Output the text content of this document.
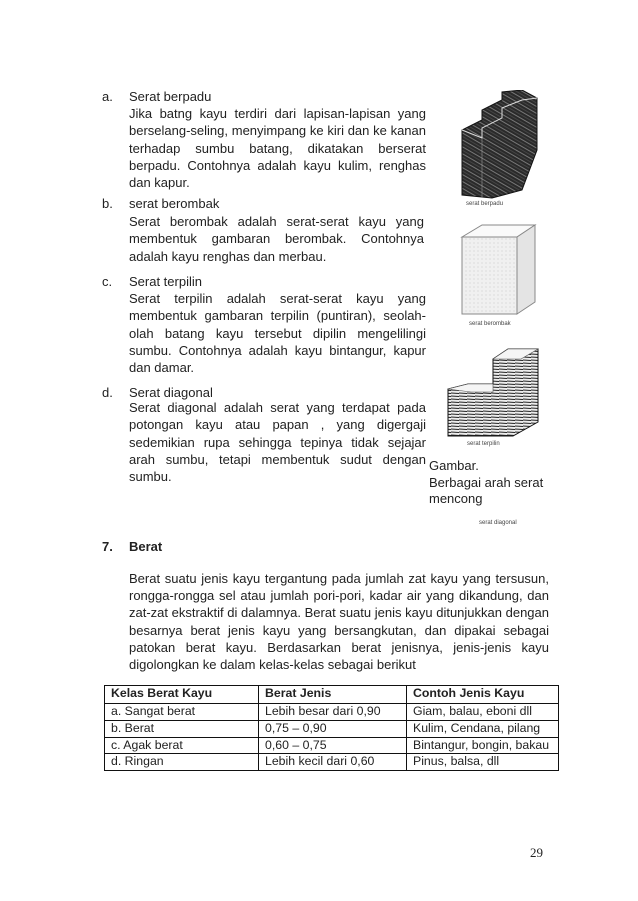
a. Serat berpadu
Jika batng kayu terdiri dari lapisan-lapisan yang berselang-seling, menyimpang ke kiri dan ke kanan terhadap sumbu batang, dikatakan berserat berpadu. Contohnya adalah kayu kulim, renghas dan kapur.
b. serat berombak
Serat berombak adalah serat-serat kayu yang membentuk gambaran berombak. Contohnya adalah kayu renghas dan merbau.
c. Serat terpilin
Serat terpilin adalah serat-serat kayu yang membentuk gambaran terpilin (puntiran), seolah-olah batang kayu tersebut dipilin mengelilingi sumbu. Contohnya adalah kayu bintangur, kapur dan damar.
d. Serat diagonal
Serat diagonal adalah serat yang terdapat pada potongan kayu atau papan , yang digergaji sedemikian rupa sehingga tepinya tidak sejajar arah sumbu, tetapi membentuk sudut dengan sumbu.
serat berpadu
serat berombak
serat terpilin
Gambar.
Berbagai arah serat
mencong
serat diagonal
7. Berat
Berat suatu jenis kayu tergantung pada jumlah zat kayu yang tersusun, rongga-rongga sel atau jumlah pori-pori, kadar air yang dikandung, dan zat-zat ekstraktif di dalamnya. Berat suatu jenis kayu ditunjukkan dengan besarnya berat jenis kayu yang bersangkutan, dan dipakai sebagai patokan berat kayu. Berdasarkan berat jenisnya, jenis-jenis kayu digolongkan ke dalam kelas-kelas sebagai berikut
Kelas Berat Kayu	Berat Jenis	Contoh Jenis Kayu
a. Sangat berat	Lebih besar dari 0,90	Giam, balau, eboni dll
b. Berat	0,75 – 0,90	Kulim, Cendana, pilang
c. Agak berat	0,60 – 0,75	Bintangur, bongin, bakau
d. Ringan	Lebih kecil dari 0,60	Pinus, balsa, dll
29
